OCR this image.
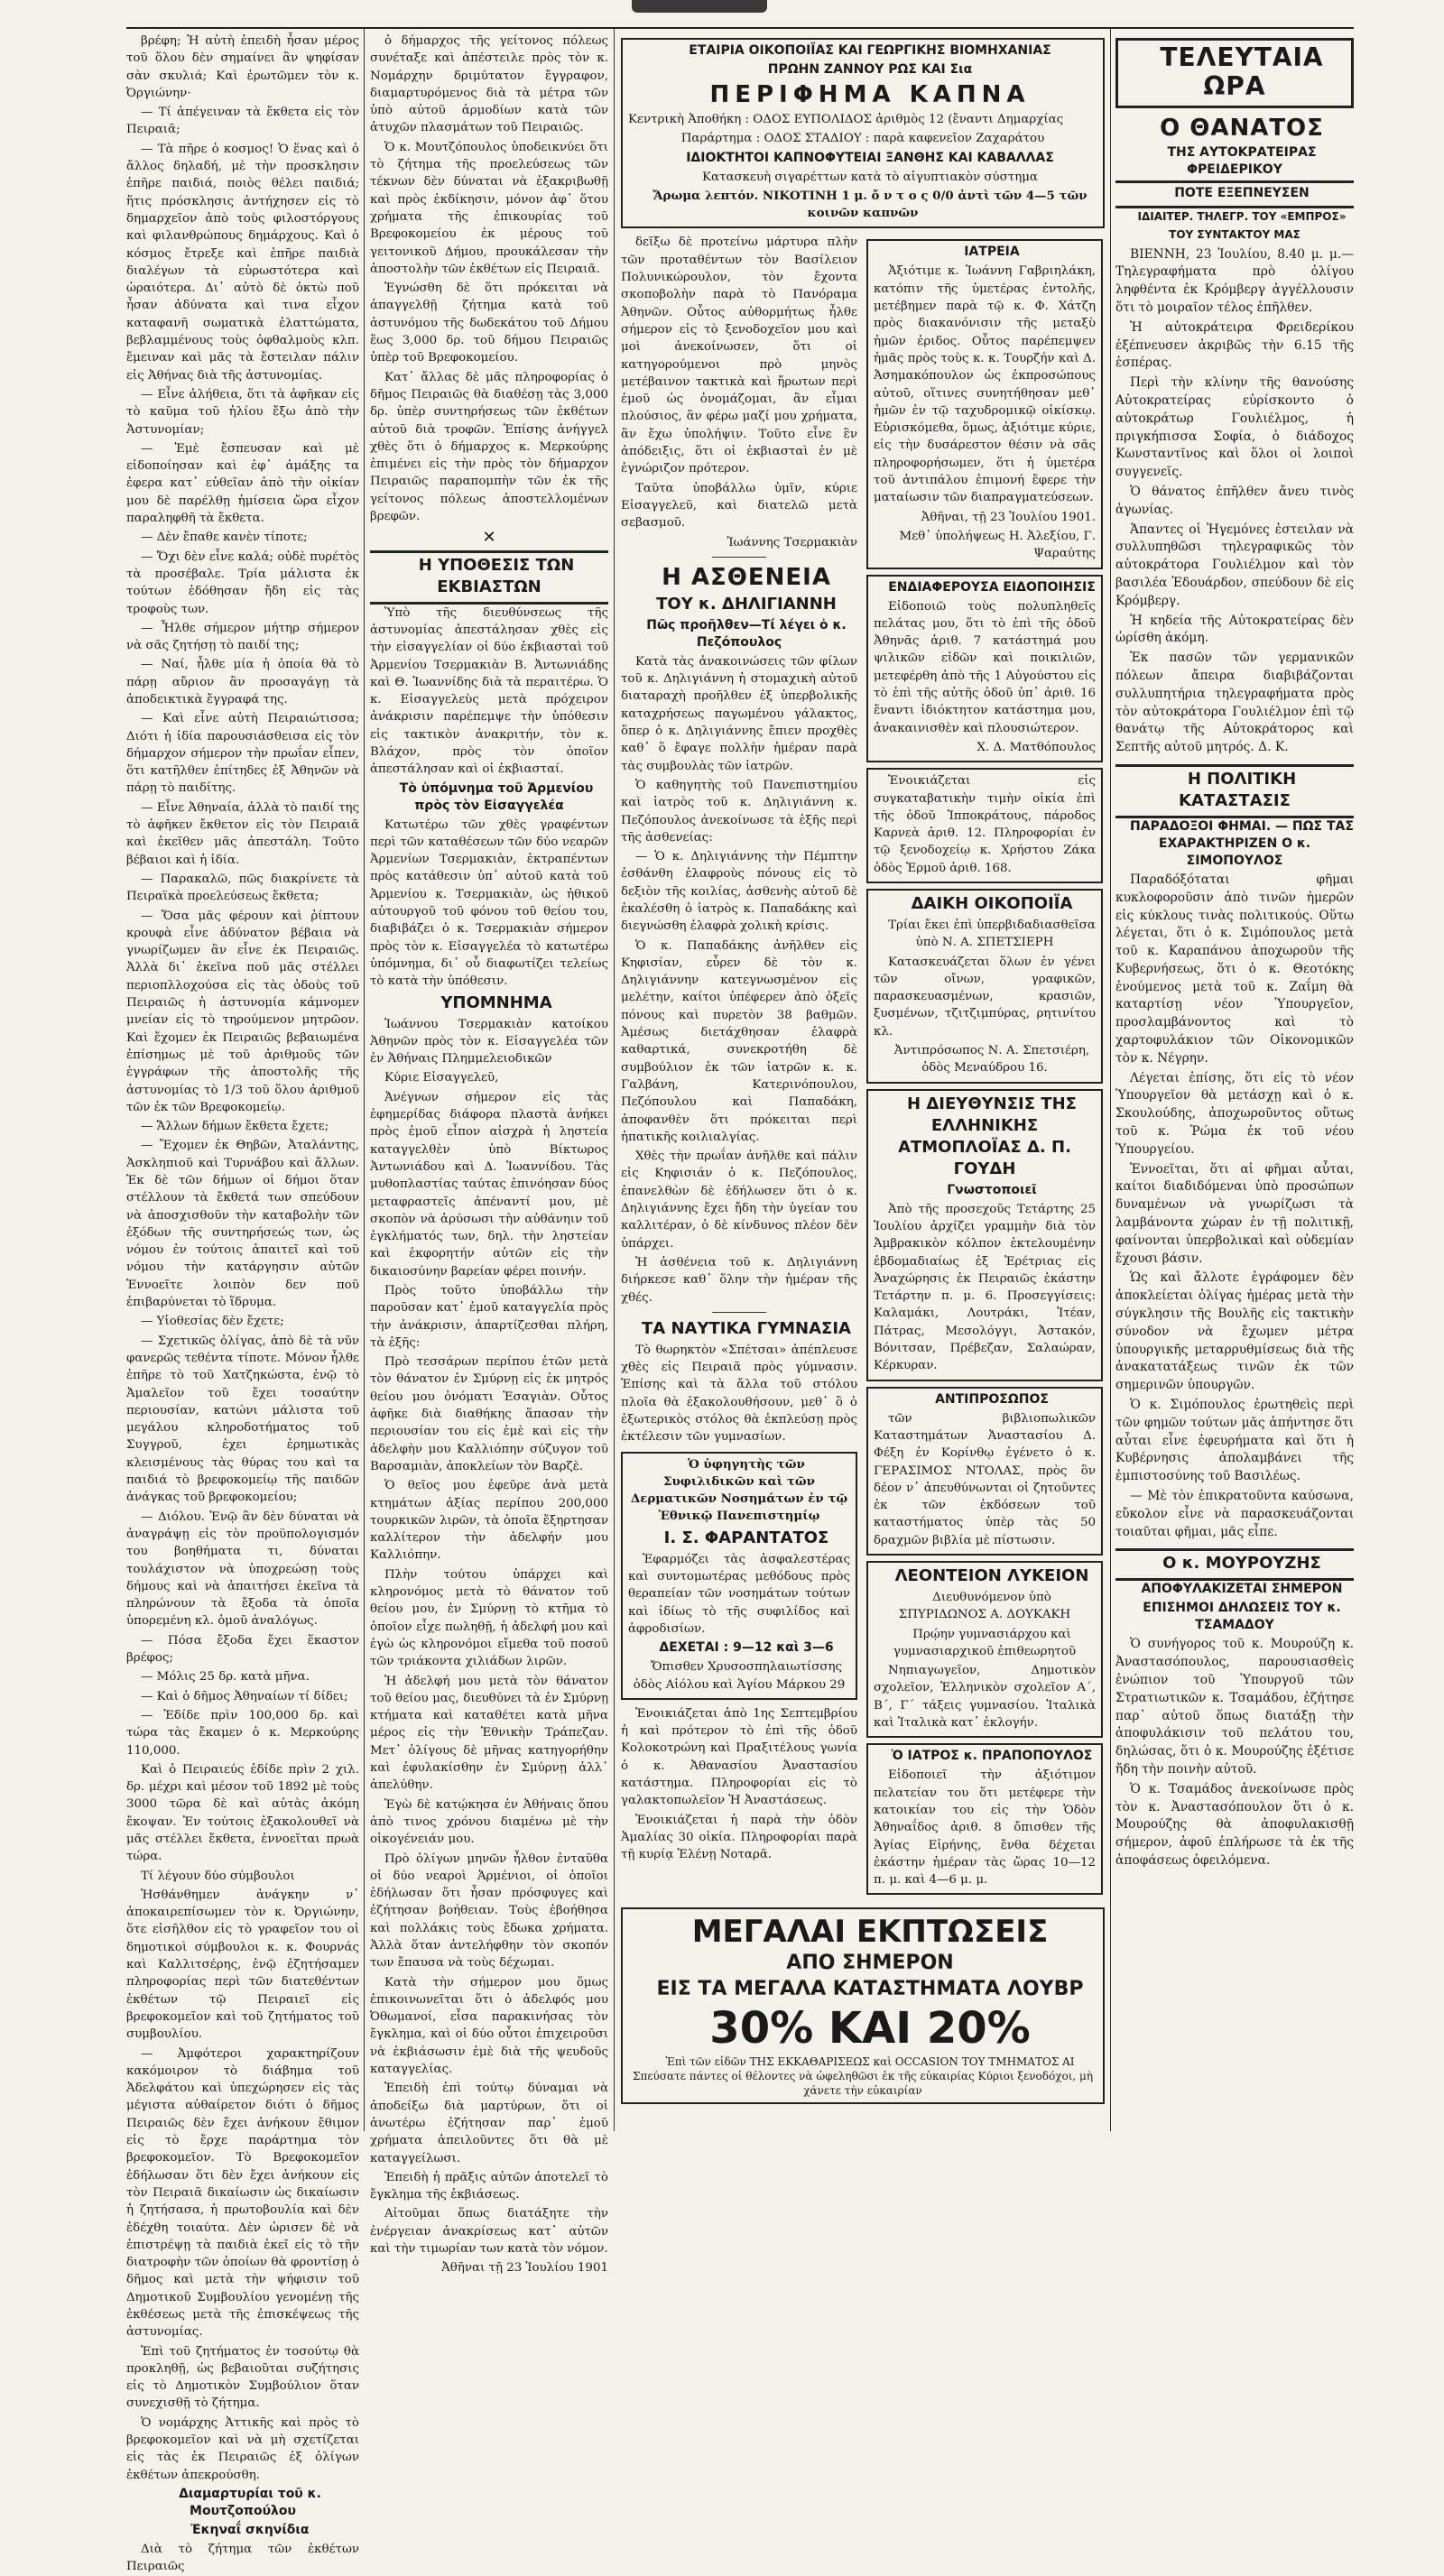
βρέφη; Ἡ αὐτὴ ἐπειδὴ ἦσαν μέρος τοῦ ὅλου δὲν σημαίνει ἂν ψηφίσαν σὰν σκυλιά; Καὶ ἐρωτῶμεν τὸν κ. Ὀργιώνην·

— Τί ἀπέγειναν τὰ ἔκθετα εἰς τὸν Πειραιᾶ;

— Τὰ πῆρε ὁ κοσμος! Ὁ ἕνας καὶ ὁ ἄλλος δηλαδή, μὲ τὴν προσκλησιν ἐπῆρε παιδιά, ποιὸς θέλει παιδιά; ἥτις πρόσκλησις ἀντήχησεν εἰς τὸ δημαρχεῖον ἀπὸ τοὺς φιλοστόργους καὶ φιλανθρώπους δημάρχους. Καὶ ὁ κόσμος ἔτρεξε καὶ ἐπῆρε παιδιὰ διαλέγων τὰ εὐρωστότερα καὶ ὡραιότερα. Δι᾽ αὐτὸ δὲ ὀκτὼ ποῦ ἦσαν ἀδύνατα καὶ τινα εἶχον καταφανῆ σωματικὰ ἐλαττώματα, βεβλαμμένους τοὺς ὀφθαλμοὺς κλπ. ἔμειναν καὶ μᾶς τὰ ἔστειλαν πάλιν εἰς Ἀθήνας διὰ τῆς ἀστυνομίας.

— Εἶνε ἀλήθεια, ὅτι τὰ ἀφῆκαν εἰς τὸ καῦμα τοῦ ἡλίου ἔξω ἀπὸ τὴν Ἀστυνομίαν;

— Ἐμὲ ἔσπευσαν καὶ μὲ εἰδοποίησαν καὶ ἐφ᾽ ἁμάξης τα ἐφερα κατ᾽ εὐθεῖαν ἀπὸ τὴν οἰκίαν μου δὲ παρέλθῃ ἡμίσεια ὥρα εἶχον παραληφθῆ τὰ ἔκθετα.

— Δὲν ἔπαθε κανὲν τίποτε;

— Ὄχι δὲν εἶνε καλά; οὐδὲ πυρέτὸς τὰ προσέβαλε. Τρία μάλιστα ἐκ τούτων ἐδόθησαν ἤδη εἰς τὰς τροφοὺς των.

— Ἦλθε σήμερον μήτηρ σήμερον νὰ σᾶς ζητήσῃ τὸ παιδί της;

— Ναί, ἦλθε μία ἡ ὁποία θὰ τὸ πάρῃ αὔριον ἂν προσαγάγῃ τὰ ἀποδεικτικὰ ἔγγραφά της.

— Καὶ εἶνε αὐτὴ Πειραιώτισσα; Διότι ἡ ἰδία παρουσιάσθεισα εἰς τὸν δήμαρχον σήμερον τὴν πρωΐαν εἶπεν, ὅτι κατῆλθεν ἐπίτηδες ἐξ Ἀθηνῶν νὰ πάρῃ τὸ παιδίτης.

— Εἶνε Ἀθηναία, ἀλλὰ τὸ παιδί της τὸ ἀφῆκεν ἔκθετον εἰς τὸν Πειραιᾶ καὶ ἐκεῖθεν μᾶς ἀπεστάλη. Τοῦτο βέβαιοι καὶ ἡ ἰδία.

— Παρακαλῶ, πῶς διακρίνετε τὰ Πειραϊκὰ προελεύσεως ἔκθετα;

— Ὅσα μᾶς φέρουν καὶ ῥίπτουν κρουφὰ εἶνε ἀδύνατον βέβαια νὰ γνωρίζωμεν ἂν εἶνε ἐκ Πειραιῶς. Ἀλλὰ δι᾽ ἐκεῖνα ποῦ μᾶς στέλλει περιοπλλοχούσα εἰς τὰς ὁδοὺς τοῦ Πειραιῶς ἡ ἀστυνομία κάμνομεν μνείαν εἰς τὸ τηρούμενον μητρῶον. Καὶ ἔχομεν ἐκ Πειραιῶς βεβαιωμένα ἐπίσημως μὲ τοῦ ἀριθμοῦς τῶν ἐγγράφων τῆς ἀποστολῆς τῆς ἀστυνομίας τὸ 1/3 τοῦ ὅλου ἀριθμοῦ τῶν ἐκ τῶν Βρεφοκομείῳ.

— Ἄλλων δήμων ἔκθετα ἔχετε;

— Ἔχομεν ἐκ Θηβῶν, Ἀταλάντης, Ἀσκληπιοῦ καὶ Τυρνάβου καὶ ἄλλων. Ἐκ δὲ τῶν δήμων οἱ δήμοι ὅταν στέλλουν τὰ ἔκθετά των σπεύδουν νὰ ἀποσχισθοῦν τὴν καταβολὴν τῶν ἐξόδων τῆς συντηρήσεώς των, ὡς νόμου ἐν τούτοις ἀπαιτεῖ καὶ τοῦ νόμου τὴν κατάργησιν αὐτῶν Ἐννοεῖτε λοιπὸν δεν ποῦ ἐπιβαρύνεται τὸ ἵδρυμα.

— Υἱοθεσίας δὲν ἔχετε;

— Σχετικῶς ὀλίγας, ἀπὸ δὲ τὰ νῦν φανερῶς τεθέντα τίποτε. Μόνον ἦλθε ἐπῆρε τὸ τοῦ Χατζηκώστα, ἐνῷ τὸ Ἀμαλεῖον τοῦ ἔχει τοσαύτην περιουσίαν, κατώνι μάλιστα τοῦ μεγάλου κληροδοτήματος τοῦ Συγγροῦ, ἐχει ἐρημωτικὰς κλεισμένους τὰς θύρας του καὶ τα παιδιά τὸ βρεφοκομείῳ τῆς παιδῶν ἀνάγκας τοῦ βρεφοκομείου;

— Διόλου. Ἐνῷ ἂν δὲν δύναται νὰ ἀναγράψῃ εἰς τὸν προϋπολογισμόν του βοηθήματα τι, δύναται τουλάχιστον νὰ ὑποχρεώσῃ τοὺς δήμους καὶ νὰ ἀπαιτήσει ἐκεῖνα τὰ πληρώνουν τὰ ἔξοδα τὰ ὁποῖα ὑπορεμένη κλ. ὁμοῦ ἀναλόγως.

— Πόσα ἔξοδα ἔχει ἕκαστον βρέφος;

— Μόλις 25 δρ. κατὰ μῆνα.

— Καὶ ὁ δῆμος Ἀθηναίων τί δίδει;

— Ἐδίδε πρὶν 100,000 δρ. καὶ τώρα τὰς ἔκαμεν ὁ κ. Μερκούρης 110,000.

Καὶ ὁ Πειραιεύς ἐδίδε πρὶν 2 χιλ. δρ. μέχρι καὶ μέσον τοῦ 1892 μὲ τοὺς 3000 τῶρα δὲ καὶ αὐτὰς ἀκόμη ἔκοψαν. Ἐν τούτοις ἐξακολουθεῖ νὰ μᾶς στέλλει ἔκθετα, ἐννοεῖται πρωὰ τώρα.

Τί λέγουν δύο σύμβουλοι

Ἡσθάνθημεν ἀνάγκην ν᾽ ἀποκαιρεπίσωμεν τὸν κ. Ὀργιώνην, ὅτε εἰσῆλθον εἰς τὸ γραφεῖον του οἱ δημοτικοὶ σύμβουλοι κ. κ. Φουρνάς καὶ Καλλιτσέρης, ἐνῷ ἐζητήσαμεν πληροφορίας περὶ τῶν διατεθέντων ἐκθέτων τῷ Πειραιεῖ εἰς βρεφοκομεῖον καὶ τοῦ ζητήματος τοῦ συμβουλίου.

— Ἀμφότεροι χαρακτηρίζουν κακόμοιρον τὸ διάβημα τοῦ Ἀδελφάτου καὶ ὑπεχώρησεν εἰς τὰς μέγιστα αὐθαίρετον διότι ὁ δῆμος Πειραιῶς δὲν ἔχει ἀνήκουν ἔθιμον εἰς τὸ ἔρχε παράρτημα τὸν βρεφοκομεῖον. Τὸ Βρεφοκομεῖον ἐδήλωσαν ὅτι δὲν ἔχει ἀνήκουν εἰς τὸν Πειραιᾶ δικαίωσιν ὡς δικαίωσιν ἡ ζητήσασα, ἡ πρωτοβουλία καὶ δὲν ἐδέχθη τοιαύτα. Δὲν ὡρισεν δὲ νὰ ἐπιστρέψῃ τὰ παιδιὰ ἐκεῖ εἰς τὸ τῆν διατροφὴν τῶν ὁποίων θὰ φροντίσῃ ὁ δῆμος καὶ μετὰ τὴν ψήφισιν τοῦ Δημοτικοῦ Συμβουλίου γενομένῃ τῆς ἐκθέσεως μετὰ τῆς ἐπισκέψεως τῆς ἀστυνομίας.

Ἐπὶ τοῦ ζητήματος ἐν τοσούτῳ θὰ προκληθῇ, ὡς βεβαιοῦται συζήτησις εἰς τὸ Δημοτικὸν Συμβούλιον ὅταν συνεχισθῇ τὸ ζήτημα.

Ὁ νομάρχης Ἀττικῆς καὶ πρὸς τὸ βρεφοκομεῖον καὶ νὰ μὴ σχετίζεται εἰς τὰς ἐκ Πειραιῶς ἐξ ὀλίγων ἐκθέτων ἀπεκρούσθη.

Διαμαρτυρίαι τοῦ κ. Μουτζοπούλου

Ἐκηναΐ σκηνίδια

Διὰ τὸ ζήτημα τῶν ἐκθέτων Πειραιῶς

ὁ δήμαρχος τῆς γείτονος πόλεως συνέταξε καὶ ἀπέστειλε πρὸς τὸν κ. Νομάρχην δριμύτατον ἔγγραφον, διαμαρτυρόμενος διὰ τὰ μέτρα τῶν ὑπὸ αὐτοῦ ἁρμοδίων κατὰ τῶν ἀτυχῶν πλασμάτων τοῦ Πειραιῶς.

Ὁ κ. Μουτζόπουλος ὑποδεικνύει ὅτι τὸ ζήτημα τῆς προελεύσεως τῶν τέκνων δὲν δύναται νὰ ἐξακριβωθῇ καὶ πρὸς ἐκδίκησιν, μόνον ἀφ᾽ ὅτου χρήματα τῆς ἐπικουρίας τοῦ Βρεφοκομείου ἐκ μέρους τοῦ γειτονικοῦ Δήμου, προυκάλεσαν τὴν ἀποστολὴν τῶν ἐκθέτων εἰς Πειραιᾶ.

Ἐγνώσθη δὲ ὅτι πρόκειται νὰ ἀπαγγελθῇ ζήτημα κατὰ τοῦ ἀστυνόμου τῆς δωδεκάτου τοῦ Δήμου ἕως 3,000 δρ. τοῦ δήμου Πειραιῶς ὑπὲρ τοῦ Βρεφοκομείου.

Κατ᾽ ἄλλας δὲ μᾶς πληροφορίας ὁ δῆμος Πειραιῶς θὰ διαθέσῃ τὰς 3,000 δρ. ὑπὲρ συντηρήσεως τῶν ἐκθέτων αὐτοῦ διὰ τροφῶν. Ἐπίσης ἀνήγγελ χθὲς ὅτι ὁ δήμαρχος κ. Μερκούρης ἐπιμένει εἰς τὴν πρὸς τὸν δήμαρχον Πειραιῶς παραπομπὴν τῶν ἐκ τῆς γείτονος πόλεως ἀποστελλομένων βρεφῶν.

✕

Η ΥΠΟΘΕΣΙΣ ΤΩΝ ΕΚΒΙΑΣΤΩΝ

Ὑπὸ τῆς διευθύνσεως τῆς ἀστυνομίας ἀπεστάλησαν χθὲς εἰς τὴν εἰσαγγελίαν οἱ δύο ἐκβιασταὶ τοῦ Ἀρμενίου Τσερμακιὰν Β. Ἀντωνιάδης καὶ Θ. Ἰωαννίδης διὰ τὰ περαιτέρω. Ὁ κ. Εἰσαγγελεὺς μετὰ πρόχειρον ἀνάκρισιν παρέπεμψε τὴν ὑπόθεσιν εἰς τακτικὸν ἀνακριτήν, τὸν κ. Βλάχον, πρὸς τὸν ὁποῖον ἀπεστάλησαν καὶ οἱ ἐκβιασταί.

Τὸ ὑπόμνημα τοῦ Ἀρμενίου πρὸς τὸν Εἰσαγγελέα

Κατωτέρω τῶν χθὲς γραφέντων περὶ τῶν καταθέσεων τῶν δύο νεαρῶν Ἀρμενίων Τσερμακιὰν, ἐκτραπέντων πρὸς κατάθεσιν ὑπ᾽ αὐτοῦ κατὰ τοῦ Ἀρμενίου κ. Τσερμακιὰν, ὡς ἠθικοῦ αὐτουργοῦ τοῦ φόνου τοῦ θείου του, διαβιβάζει ὁ κ. Τσερμακιὰν σήμερον πρὸς τὸν κ. Εἰσαγγελέα τὸ κατωτέρω ὑπόμνημα, δι᾽ οὗ διαφωτίζει τελείως τὸ κατὰ τὴν ὑπόθεσιν.

ΥΠΟΜΝΗΜΑ

Ἰωάννου Τσερμακιὰν κατοίκου Ἀθηνῶν πρὸς τὸν κ. Εἰσαγγελέα τῶν ἐν Ἀθήναις Πλημμελειοδικῶν

Κύριε Εἰσαγγελεῦ,

Ἀνέγνων σήμερον εἰς τὰς ἐφημερίδας διάφορα πλαστὰ ἀνήκει πρὸς ἐμοῦ εἶπον αἰσχρὰ ἡ ληστεία καταγγελθὲν ὑπὸ Βίκτωρος Ἀντωνιάδου καὶ Δ. Ἰωαννίδου. Τὰς μυθοπλαστίας ταύτας ἐπινόησαν δύος μεταφραστεῖς ἀπέναντί μου, μὲ σκοπὸν νὰ ἀρύσωσι τὴν αὐθάνηιν τοῦ ἐγκλήματός των, δηλ. τὴν ληστείαν καὶ ἐκφορητήν αὐτῶν εἰς τὴν δικαιοσύνην βαρείαν φέρει ποινήν.

Πρὸς τοῦτο ὑποβάλλω τὴν παροῦσαν κατ᾽ ἐμοῦ καταγγελία πρὸς τὴν ἀνάκρισιν, ἀπαρτίζεσθαι πλήρη, τὰ ἑξῆς:

Πρὸ τεσσάρων περίπου ἐτῶν μετὰ τὸν θάνατον ἐν Σμύρνῃ εἰς ἐκ μητρός θείου μου ὀνόματι Ἐσαγιὰν. Οὗτος ἀφῆκε διὰ διαθήκης ἅπασαν τὴν περιουσίαν του εἰς ἐμὲ καὶ εἰς τὴν ἀδελφὴν μου Καλλιόπην σύζυγον τοῦ Βαρσαμιὰν, ἀποκλείων τὸν Βαρζὲ.

Ὁ θεῖος μου ἐφεῦρε ἀνὰ μετὰ κτημάτων ἀξίας περίπου 200,000 τουρκικῶν λιρῶν, τὰ ὁποῖα ἔξηρτησαν καλλίτερον τὴν ἀδελφήν μου Καλλιόπην.

Πλὴν τούτου ὑπάρχει καὶ κληρονόμος μετὰ τὸ θάνατον τοῦ θείου μου, ἐν Σμύρνῃ τὸ κτῆμα τὸ ὁποῖον εἶχε πωληθῇ, ἡ ἀδελφή μου καὶ ἐγὼ ὡς κληρονόμοι εἴμεθα τοῦ ποσοῦ τῶν τριάκοντα χιλιάδων λιρῶν.

Ἡ ἀδελφή μου μετὰ τὸν θάνατον τοῦ θείου μας, διευθύνει τὰ ἐν Σμύρνῃ κτήματα καὶ καταθέτει κατὰ μῆνα μέρος εἰς τὴν Ἐθνικὴν Τράπεζαν. Μετ᾽ ὀλίγους δὲ μῆνας κατηγορήθην καὶ ἐφυλακίσθην ἐν Σμύρνῃ ἀλλ᾽ ἀπελύθην.

Ἐγὼ δὲ κατῴκησα ἐν Ἀθήναις ὅπου ἀπὸ τινος χρόνου διαμένω μὲ τὴν οἰκογένειάν μου.

Πρὸ ὀλίγων μηνῶν ἦλθον ἐνταῦθα οἱ δύο νεαροὶ Ἀρμένιοι, οἱ ὁποῖοι ἐδήλωσαν ὅτι ἦσαν πρόσφυγες καὶ ἐζήτησαν βοήθειαν. Τοὺς ἐβοήθησα καὶ πολλάκις τοὺς ἔδωκα χρήματα. Ἀλλὰ ὅταν ἀντελήφθην τὸν σκοπόν των ἔπαυσα νὰ τοὺς δέχωμαι.

Κατὰ τὴν σήμερον μου ὅμως ἐπικοινωνεῖται ὅτι ὁ ἀδελφός μου Ὀθωμανοί, εἶσα παρακινήσας τὸν ἔγκλημα, καὶ οἱ δύο οὗτοι ἐπιχειροῦσι νὰ ἐκβιάσωσιν ἐμὲ διὰ τῆς ψευδοῦς καταγγελίας.

Ἐπειδὴ ἐπὶ τούτῳ δύναμαι νὰ ἀποδείξω διὰ μαρτύρων, ὅτι οἱ ἀνωτέρω ἐζήτησαν παρ᾽ ἐμοῦ χρήματα ἀπειλοῦντες ὅτι θὰ μὲ καταγγείλωσι.

Ἐπειδὴ ἡ πρᾶξις αὐτῶν ἀποτελεῖ τὸ ἔγκλημα τῆς ἐκβιάσεως.

Αἰτοῦμαι ὅπως διατάξητε τὴν ἐνέργειαν ἀνακρίσεως κατ᾽ αὐτῶν καὶ τὴν τιμωρίαν των κατὰ τὸν νόμον.

Ἀθῆναι τῇ 23 Ἰουλίου 1901

ΕΤΑΙΡΙΑ ΟΙΚΟΠΟΙΪΑΣ ΚΑΙ ΓΕΩΡΓΙΚΗΣ ΒΙΟΜΗΧΑΝΙΑΣ

ΠΡΩΗΝ ΖΑΝΝΟΥ ΡΩΣ ΚΑΙ Σια

ΠΕΡΙΦΗΜΑ ΚΑΠΝΑ

Κεντρικὴ Ἀποθήκη : ΟΔΟΣ ΕΥΠΟΛΙΔΟΣ ἀριθμὸς 12 (ἔναντι Δημαρχίας

Παράρτημα : ΟΔΟΣ ΣΤΑΔΙΟΥ : παρὰ καφενεῖον Ζαχαράτου

ΙΔΙΟΚΤΗΤΟΙ ΚΑΠΝΟΦΥΤΕΙΑΙ ΞΑΝΘΗΣ ΚΑΙ ΚΑΒΑΛΛΑΣ

Κατασκευὴ σιγαρέττων κατὰ τὸ αἰγυπτιακὸν σύστημα

Ἄρωμα λεπτόν. ΝΙΚΟΤΙΝΗ 1 μ. ὄ ν τ ο ς 0/0 ἀντὶ τῶν 4—5 τῶν κοινῶν καπνῶν

δεῖξω δὲ προτείνω μάρτυρα πλὴν τῶν προταθέντων τὸν Βασίλειον Πολυνικώρουλον, τὸν ἔχοντα σκοποβολὴν παρὰ τὸ Πανόραμα Ἀθηνῶν. Οὗτος αὐθορμήτως ἦλθε σήμερον εἰς τὸ ξενοδοχεῖον μου καὶ μοὶ ἀνεκοίνωσεν, ὅτι οἱ κατηγορούμενοι πρὸ μηνὸς μετέβαινον τακτικὰ καὶ ἤρωτων περὶ ἐμοῦ ὡς ὀνομάζομαι, ἂν εἶμαι πλούσιος, ἂν φέρω μαζί μου χρήματα, ἂν ἔχω ὑπολήψιν. Τοῦτο εἶνε ἓν ἀπόδειξις, ὅτι οἱ ἐκβιασταὶ ἐν μὲ ἐγνώριζον πρότερον.

Ταῦτα ὑποβάλλω ὑμῖν, κύριε Εἰσαγγελεῦ, καὶ διατελῶ μετὰ σεβασμοῦ.

Ἰωάννης Τσερμακιὰν

Η ΑΣΘΕΝΕΙΑ

ΤΟΥ κ. ΔΗΛΙΓΙΑΝΝΗ

Πῶς προῆλθεν—Τί λέγει ὁ κ. Πεζόπουλος

Κατὰ τὰς ἀνακοινώσεις τῶν φίλων τοῦ κ. Δηλιγιάννη ἡ στομαχικὴ αὐτοῦ διαταραχὴ προῆλθεν ἐξ ὑπερβολικῆς καταχρήσεως παγωμένου γάλακτος, ὅπερ ὁ κ. Δηλιγιάννης ἔπιεν προχθὲς καθ᾽ ὃ ἔφαγε πολλὴν ἡμέραν παρὰ τὰς συμβουλὰς τῶν ἰατρῶν.

Ὁ καθηγητὴς τοῦ Πανεπιστημίου καὶ ἰατρὸς τοῦ κ. Δηλιγιάννη κ. Πεζόπουλος ἀνεκοίνωσε τὰ ἑξῆς περὶ τῆς ἀσθενείας:

— Ὁ κ. Δηλιγιάννης τὴν Πέμπτην ἐσθάνθη ἐλαφροὺς πόνους εἰς τὸ δεξιὸν τῆς κοιλίας, ἀσθενὴς αὐτοῦ δὲ ἐκαλέσθη ὁ ἰατρὸς κ. Παπαδάκης καὶ διεγνώσθη ἐλαφρὰ χολικὴ κρίσις.

Ὁ κ. Παπαδάκης ἀνῆλθεν εἰς Κηφισίαν, εὗρεν δὲ τὸν κ. Δηλιγιάννην κατεγνωσμένον εἰς μελέτην, καίτοι ὑπέφερεν ἀπὸ ὀξεῖς πόνους καὶ πυρετὸν 38 βαθμῶν. Ἀμέσως διετάχθησαν ἐλαφρὰ καθαρτικά, συνεκροτήθη δὲ συμβούλιον ἐκ τῶν ἰατρῶν κ. κ. Γαλβάνη, Κατερινόπουλου, Πεζόπουλου καὶ Παπαδάκη, ἀποφανθὲν ὅτι πρόκειται περὶ ἡπατικῆς κοιλιαλγίας.

Χθὲς τὴν πρωΐαν ἀνῆλθε καὶ πάλιν εἰς Κηφισιάν ὁ κ. Πεζόπουλος, ἐπανελθὼν δὲ ἐδήλωσεν ὅτι ὁ κ. Δηλιγιάννης ἔχει ἤδη τὴν ὑγείαν του καλλιτέραν, ὁ δὲ κίνδυνος πλέον δὲν ὑπάρχει.

Ἡ ἀσθένεια τοῦ κ. Δηλιγιάννη διήρκεσε καθ᾽ ὅλην τὴν ἡμέραν τῆς χθές.

ΤΑ ΝΑΥΤΙΚΑ ΓΥΜΝΑΣΙΑ

Τὸ θωρηκτὸν «Σπέτσαι» ἀπέπλευσε χθὲς εἰς Πειραιᾶ πρὸς γύμνασιν. Ἐπίσης καὶ τὰ ἄλλα τοῦ στόλου πλοῖα θὰ ἐξακολουθήσουν, μεθ᾽ ὃ ὁ ἐξωτερικὸς στόλος θὰ ἐκπλεύσῃ πρὸς ἐκτέλεσιν τῶν γυμνασίων.

Ὁ ὑφηγητὴς τῶν Συφιλιδικῶν καὶ τῶν Δερματικῶν Νοσημάτων ἐν τῷ Ἐθνικῷ Πανεπιστημίῳ

Ι. Σ. ΦΑΡΑΝΤΑΤΟΣ

Ἐφαρμόζει τὰς ἀσφαλεστέρας καὶ συντομωτέρας μεθόδους πρὸς θεραπείαν τῶν νοσημάτων τούτων καὶ ἰδίως τὸ τῆς συφιλίδος καὶ ἀφροδισίων.

ΔΕΧΕΤΑΙ : 9—12 καὶ 3—6

Ὄπισθεν Χρυσοσπηλαιωτίσσης ὁδὸς Αἰόλου καὶ Ἁγίου Μάρκου 29

Ἐνοικιάζεται ἀπὸ 1ης Σεπτεμβρίου ἡ καὶ πρότερον τὸ ἐπὶ τῆς ὁδοῦ Κολοκοτρώνη καὶ Πραξιτέλους γωνία ὁ κ. Ἀθανασίου Ἀναστασίου κατάστημα. Πληροφορίαι εἰς τὸ γαλακτοπωλεῖον Ἡ Ἀναστάσεως.

Ἐνοικιάζεται ἡ παρὰ τὴν ὁδὸν Ἀμαλίας 30 οἰκία. Πληροφορίαι παρὰ τῇ κυρίᾳ Ἑλένῃ Νοταρᾶ.

ΙΑΤΡΕΙΑ

Ἀξιότιμε κ. Ἰωάννη Γαβριηλάκη, κατόπιν τῆς ὑμετέρας ἐντολῆς, μετέβημεν παρὰ τῷ κ. Φ. Χάτζη πρὸς διακανόνισιν τῆς μεταξὺ ἡμῶν ἐριδος. Οὗτος παρέπεμψεν ἡμᾶς πρὸς τοὺς κ. κ. Τουρζήν καὶ Δ. Ἀσημακόπουλον ὡς ἐκπροσώπους αὐτοῦ, οἵτινες συνητήθησαν μεθ᾽ ἡμῶν ἐν τῷ ταχυδρομικῷ οἰκίσκῳ. Εὑρισκόμεθα, ὅμως, ἀξιότιμε κύριε, εἰς τὴν δυσάρεστον θέσιν νὰ σᾶς πληροφορήσωμεν, ὅτι ἡ ὑμετέρα τοῦ ἀντιπάλου ἐπιμονή ἔφερε τὴν ματαίωσιν τῶν διαπραγματεύσεων.

Ἀθῆναι, τῇ 23 Ἰουλίου 1901.

Μεθ᾽ ὑπολήψεως Η. Ἀλεξίου, Γ. Ψαραύτης

ΕΝΔΙΑΦΕΡΟΥΣΑ ΕΙΔΟΠΟΙΗΣΙΣ

Εἰδοποιῶ τοὺς πολυπληθεῖς πελάτας μου, ὅτι τὸ ἐπὶ τῆς ὁδοῦ Ἀθηνᾶς ἀριθ. 7 κατάστημά μου ψιλικῶν εἰδῶν καὶ ποικιλιῶν, μετεφέρθη ἀπὸ τῆς 1 Αὐγούστου εἰς τὸ ἐπὶ τῆς αὐτῆς ὁδοῦ ὑπ᾽ ἀριθ. 16 ἔναντι ἰδιόκτητον κατάστημα μου, ἀνακαινισθὲν καὶ πλουσιώτερον.

Χ. Δ. Ματθόπουλος

Ἐνοικιάζεται εἰς συγκαταβατικὴν τιμὴν οἰκία ἐπὶ τῆς ὁδοῦ Ἱπποκράτους, πάροδος Καρνεὰ ἀριθ. 12. Πληροφορίαι ἐν τῷ ξενοδοχείῳ κ. Χρήστου Ζάκα ὁδὸς Ἑρμοῦ ἀριθ. 168.

ΔΑΙΚΗ ΟΙΚΟΠΟΙΪΑ

Τρίαι ἔκει ἐπὶ ὑπερβιδαδιασθεῖσα ὑπὸ Ν. Α. ΣΠΕΤΣΙΕΡΗ

Κατασκευάζεται ὅλων ἐν γένει τῶν οἴνων, γραφικῶν, παρασκευασμένων, κρασιῶν, ξυσμένων, τζιτζιμπύρας, ρητινίτου κλ.

Ἀντιπρόσωπος Ν. Α. Σπετσιέρη, ὁδὸς Μεναύδρου 16.

Η ΔΙΕΥΘΥΝΣΙΣ ΤΗΣ ΕΛΛΗΝΙΚΗΣ ΑΤΜΟΠΛΟΪΑΣ Δ. Π. ΓΟΥΔΗ

Γνωστοποιεῖ

Ἀπὸ τῆς προσεχοῦς Τετάρτης 25 Ἰουλίου ἀρχίζει γραμμὴν διὰ τὸν Ἀμβρακικὸν κόλπον ἐκτελουμένην ἑβδομαδιαίως ἐξ Ἐρέτριας εἰς Ἀναχώρησις ἐκ Πειραιῶς ἑκάστην Τετάρτην π. μ. 6. Προσεγγίσεις: Καλαμάκι, Λουτράκι, Ἰτέαν, Πάτρας, Μεσολόγγι, Ἀστακόν, Βόνιτσαν, Πρέβεζαν, Σαλαώραν, Κέρκυραν.

ΑΝΤΙΠΡΟΣΩΠΟΣ

τῶν βιβλιοπωλικῶν Καταστημάτων Ἀναστασίου Δ. Φέξη ἐν Κορίνθῳ ἐγένετο ὁ κ. ΓΕΡΑΣΙΜΟΣ ΝΤΟΛΑΣ, πρὸς ὃν δέον ν᾽ ἀπευθύνωνται οἱ ζητοῦντες ἐκ τῶν ἐκδόσεων τοῦ καταστήματος ὑπὲρ τὰς 50 δραχμῶν βιβλία μὲ πίστωσιν.

ΛΕΟΝΤΕΙΟΝ ΛΥΚΕΙΟΝ

Διευθυνόμενον ὑπὸ ΣΠΥΡΙΔΩΝΟΣ Α. ΔΟΥΚΑΚΗ

Πρῴην γυμνασιάρχου καὶ γυμνασιαρχικοῦ ἐπιθεωρητοῦ

Νηπιαγωγεῖον, Δημοτικὸν σχολεῖον, Ἑλληνικὸν σχολεῖον Α΄, Β΄, Γ΄ τάξεις γυμνασίου. Ἰταλικὰ καὶ Ἰταλικὰ κατ᾽ ἐκλογήν.

Ὁ ΙΑΤΡΟΣ κ. ΠΡΑΠΟΠΟΥΛΟΣ

Εἰδοποιεῖ τὴν ἀξιότιμον πελατείαν του ὅτι μετέφερε τὴν κατοικίαν του εἰς τὴν Ὁδὸν Ἀθηναΐδος ἀριθ. 8 ὄπισθεν τῆς Ἁγίας Εἰρήνης, ἔνθα δέχεται ἐκάστην ἡμέραν τὰς ὥρας 10—12 π. μ. καὶ 4—6 μ. μ.

ΜΕΓΑΛΑΙ ΕΚΠΤΩΣΕΙΣ

ΑΠΟ ΣΗΜΕΡΟΝ

ΕΙΣ ΤΑ ΜΕΓΑΛΑ ΚΑΤΑΣΤΗΜΑΤΑ ΛΟΥΒΡ

30% ΚΑΙ 20%

Ἐπὶ τῶν εἰδῶν ΤΗΣ ΕΚΚΑΘΑΡΙΣΕΩΣ καὶ OCCASION ΤΟΥ ΤΜΗΜΑΤΟΣ ΑΙ Σπεύσατε πάντες οἱ θέλοντες νὰ ὠφεληθῶσι ἐκ τῆς εὐκαιρίας Κύριοι ξενοδόχοι, μὴ χάνετε τὴν εὐκαιρίαν

ΤΕΛΕΥΤΑΙΑ ΩΡΑ

Ο ΘΑΝΑΤΟΣ

ΤΗΣ ΑΥΤΟΚΡΑΤΕΙΡΑΣ ΦΡΕΙΔΕΡΙΚΟΥ

ΠΟΤΕ ΕΞΕΠΝΕΥΣΕΝ

ΙΔΙΑΙΤΕΡ. ΤΗΛΕΓΡ. ΤΟΥ «ΕΜΠΡΟΣ» ΤΟΥ ΣΥΝΤΑΚΤΟΥ ΜΑΣ

ΒΙΕΝΝΗ, 23 Ἰουλίου, 8.40 μ. μ.—Τηλεγραφήματα πρὸ ὀλίγου ληφθέντα ἐκ Κρόμβεργ ἀγγέλλουσιν ὅτι τὸ μοιραῖον τέλος ἐπῆλθεν.

Ἡ αὐτοκράτειρα Φρειδερίκου ἐξέπνευσεν ἀκριβῶς τὴν 6.15 τῆς ἑσπέρας.

Περὶ τὴν κλίνην τῆς θανούσης Αὐτοκρατείρας εὑρίσκοντο ὁ αὐτοκράτωρ Γουλιέλμος, ἡ πριγκήπισσα Σοφία, ὁ διάδοχος Κωνσταντῖνος καὶ ὅλοι οἱ λοιποὶ συγγενεῖς.

Ὁ θάνατος ἐπῆλθεν ἄνευ τινὸς ἀγωνίας.

Ἁπαντες οἱ Ἡγεμόνες ἐστειλαν νὰ συλλυπηθῶσι τηλεγραφικῶς τὸν αὐτοκράτορα Γουλιέλμον καὶ τὸν βασιλέα Ἐδουάρδον, σπεύδουν δὲ εἰς Κρόμβεργ.

Ἡ κηδεία τῆς Αὐτοκρατείρας δὲν ὡρίσθη ἀκόμη.

Ἐκ πασῶν τῶν γερμανικῶν πόλεων ἄπειρα διαβιβάζονται συλλυπητήρια τηλεγραφήματα πρὸς τὸν αὐτοκράτορα Γουλιέλμον ἐπὶ τῷ θανάτῳ τῆς Αὐτοκράτορος καὶ Σεπτῆς αὐτοῦ μητρός. Δ. Κ.

Η ΠΟΛΙΤΙΚΗ ΚΑΤΑΣΤΑΣΙΣ

ΠΑΡΑΔΟΞΟΙ ΦΗΜΑΙ. — ΠΩΣ ΤΑΣ ΕΧΑΡΑΚΤΗΡΙΖΕΝ Ο κ. ΣΙΜΟΠΟΥΛΟΣ

Παραδόξόταται φῆμαι κυκλοφοροῦσιν ἀπὸ τινῶν ἡμερῶν εἰς κύκλους τινὰς πολιτικούς. Οὕτω λέγεται, ὅτι ὁ κ. Σιμόπουλος μετὰ τοῦ κ. Καραπάνου ἀποχωροῦν τῆς Κυβερνήσεως, ὅτι ὁ κ. Θεοτόκης ἐνούμενος μετὰ τοῦ κ. Ζαΐμη θὰ καταρτίσῃ νέον Ὑπουργεῖον, προσλαμβάνοντος καὶ τὸ χαρτοφυλάκιον τῶν Οἰκονομικῶν τὸν κ. Νέγρην.

Λέγεται ἐπίσης, ὅτι εἰς τὸ νέον Ὑπουργεῖον θὰ μετάσχῃ καὶ ὁ κ. Σκουλούδης, ἀποχωροῦντος οὕτως τοῦ κ. Ῥώμα ἐκ τοῦ νέου Ὑπουργείου.

Ἐννοεῖται, ὅτι αἱ φῆμαι αὗται, καίτοι διαδιδόμεναι ὑπὸ προσώπων δυναμένων νὰ γνωρίζωσι τὰ λαμβάνοντα χώραν ἐν τῇ πολιτικῇ, φαίνονται ὑπερβολικαὶ καὶ οὐδεμίαν ἔχουσι βάσιν.

Ὡς καὶ ἄλλοτε ἐγράφομεν δὲν ἀποκλείεται ὀλίγας ἡμέρας μετὰ τὴν σύγκλησιν τῆς Βουλῆς εἰς τακτικὴν σύνοδον νὰ ἔχωμεν μέτρα ὑπουργικῆς μεταρρυθμίσεως διὰ τῆς ἀνακατατάξεως τινῶν ἐκ τῶν σημερινῶν ὑπουργῶν.

Ὁ κ. Σιμόπουλος ἐρωτηθεὶς περὶ τῶν φημῶν τούτων μᾶς ἀπήντησε ὅτι αὗται εἶνε ἐφευρήματα καὶ ὅτι ἡ Κυβέρνησις ἀπολαμβάνει τῆς ἐμπιστοσύνης τοῦ Βασιλέως.

— Μὲ τὸν ἐπικρατοῦντα καύσωνα, εὔκολον εἶνε νὰ παρασκευάζονται τοιαῦται φῆμαι, μᾶς εἶπε.

Ο κ. ΜΟΥΡΟΥΖΗΣ

ΑΠΟΦΥΛΑΚΙΖΕΤΑΙ ΣΗΜΕΡΟΝ

ΕΠΙΣΗΜΟΙ ΔΗΛΩΣΕΙΣ ΤΟΥ κ. ΤΣΑΜΑΔΟΥ

Ὁ συνήγορος τοῦ κ. Μουρούζη κ. Ἀναστασόπουλος, παρουσιασθεὶς ἐνώπιον τοῦ Ὑπουργοῦ τῶν Στρατιωτικῶν κ. Τσαμάδου, ἐζήτησε παρ᾽ αὐτοῦ ὅπως διατάξῃ τὴν ἀποφυλάκισιν τοῦ πελάτου του, δηλώσας, ὅτι ὁ κ. Μουρούζης ἐξέτισε ἤδη τὴν ποινὴν αὐτοῦ.

Ὁ κ. Τσαμάδος ἀνεκοίνωσε πρὸς τὸν κ. Ἀναστασόπουλον ὅτι ὁ κ. Μουρούζης θὰ ἀποφυλακισθῇ σήμερον, ἀφοῦ ἐπλήρωσε τὰ ἐκ τῆς ἀποφάσεως ὀφειλόμενα.
